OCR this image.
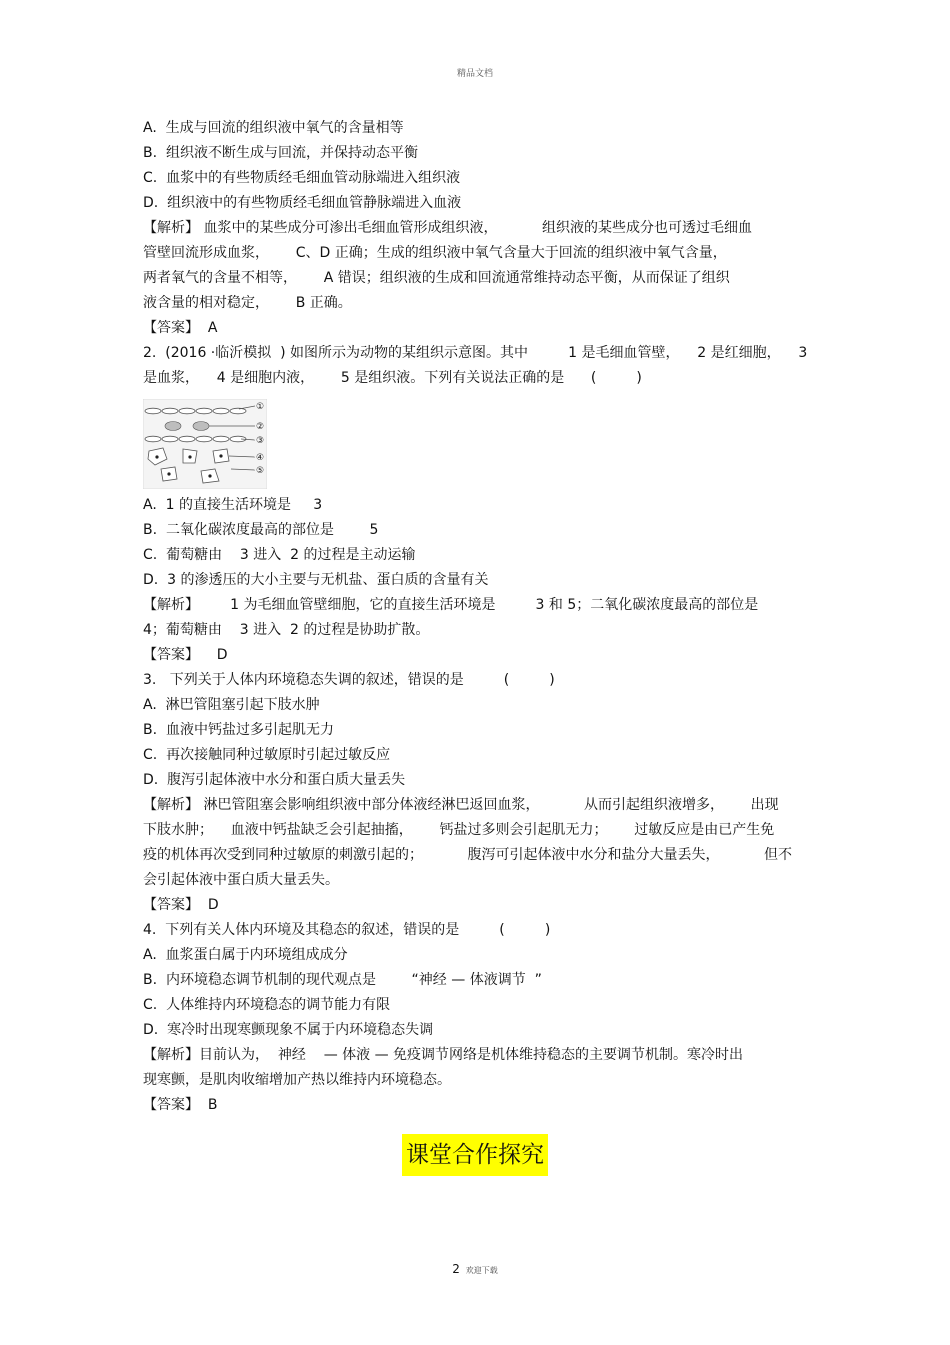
精品文档
A.  生成与回流的组织液中氧气的含量相等
B.  组织液不断生成与回流，并保持动态平衡
C.  血浆中的有些物质经毛细血管动脉端进入组织液
D.  组织液中的有些物质经毛细血管静脉端进入血液
【解析】 血浆中的某些成分可渗出毛细血管形成组织液，          组织液的某些成分也可透过毛细血
管壁回流形成血浆，      C、D 正确；生成的组织液中氧气含量大于回流的组织液中氧气含量，
两者氧气的含量不相等，      A 错误；组织液的生成和回流通常维持动态平衡，从而保证了组织
液含量的相对稳定，      B 正确。
【答案】  A
2.  (2016 ·临沂模拟  ) 如图所示为动物的某组织示意图。其中         1 是毛细血管壁，    2 是红细胞，    3
是血浆，    4 是细胞内液，      5 是组织液。下列有关说法正确的是      (         )
①
②
③
④
⑤
A.  1 的直接生活环境是     3
B.  二氧化碳浓度最高的部位是        5
C.  葡萄糖由    3 进入  2 的过程是主动运输
D.  3 的渗透压的大小主要与无机盐、蛋白质的含量有关
【解析】       1 为毛细血管壁细胞，它的直接生活环境是         3 和 5；二氧化碳浓度最高的部位是
4；葡萄糖由    3 进入  2 的过程是协助扩散。
【答案】    D
3.   下列关于人体内环境稳态失调的叙述，错误的是         (         )
A.  淋巴管阻塞引起下肢水肿
B.  血液中钙盐过多引起肌无力
C.  再次接触同种过敏原时引起过敏反应
D.  腹泻引起体液中水分和蛋白质大量丢失
【解析】 淋巴管阻塞会影响组织液中部分体液经淋巴返回血浆，          从而引起组织液增多，      出现
下肢水肿；    血液中钙盐缺乏会引起抽搐，      钙盐过多则会引起肌无力；      过敏反应是由已产生免
疫的机体再次受到同种过敏原的刺激引起的；          腹泻可引起体液中水分和盐分大量丢失，          但不
会引起体液中蛋白质大量丢失。
【答案】  D
4.  下列有关人体内环境及其稳态的叙述，错误的是         (         )
A.  血浆蛋白属于内环境组成成分
B.  内环境稳态调节机制的现代观点是        “神经 — 体液调节  ”
C.  人体维持内环境稳态的调节能力有限
D.  寒冷时出现寒颤现象不属于内环境稳态失调
【解析】目前认为，  神经    — 体液 — 免疫调节网络是机体维持稳态的主要调节机制。寒冷时出
现寒颤，是肌肉收缩增加产热以维持内环境稳态。
【答案】  B
课堂合作探究
2 欢迎下载
